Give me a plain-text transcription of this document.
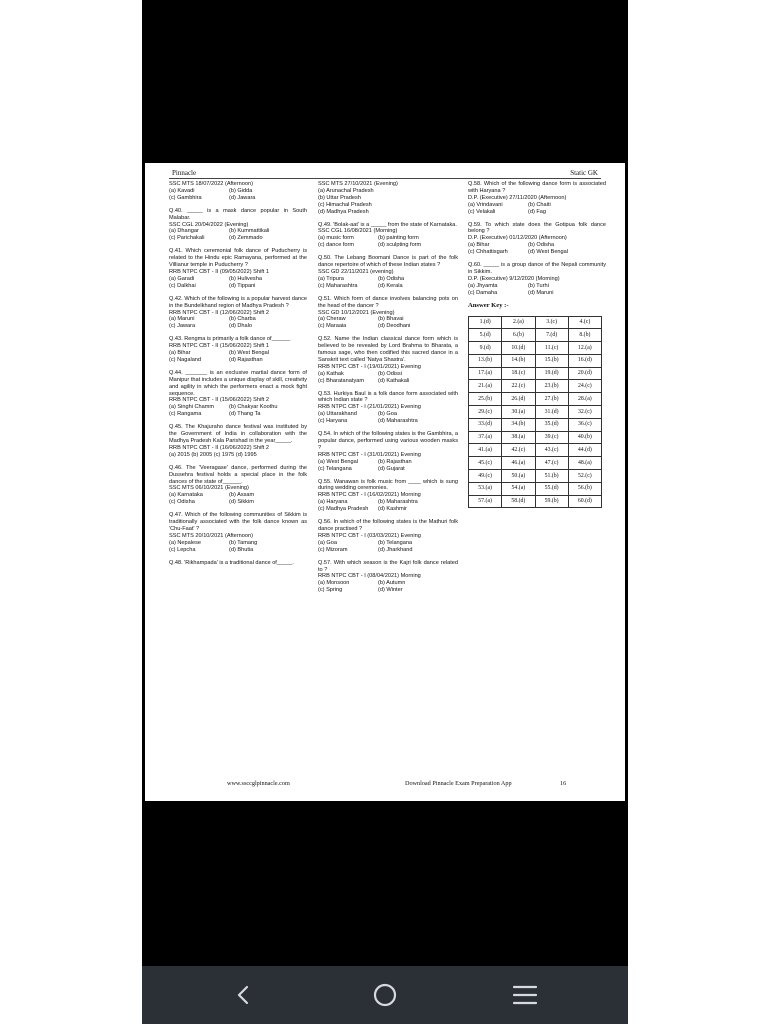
Pinnacle	Static GK
SSC MTS 18/07/2022 (Afternoon)
(a) Kavadi	(b) Gidda
(c) Gambhira	(d) Jawara
Q.40. _____ is a mask dance popular in South Malabar.
SSC CGL 20/04/2022 (Evening)
(a) Dhangar	(b) Kummattikali
(c) Parichakali	(d) Zemmado
Q.41. Which ceremonial folk dance of Puducherry is related to the Hindu epic Ramayana, performed at the Villianur temple in Puducherry ?
RRB NTPC CBT - II (09/05/2022) Shift 1
(a) Garadi	(b) Hulivesha
(c) Dalkhai	(d) Tippani
Q.42. Which of the following is a popular harvest dance in the Bundelkhand region of Madhya Pradesh ?
RRB NTPC CBT - II (12/06/2022) Shift 2
(a) Maruni	(b) Charba
(c) Jawara	(d) Dhalo
Q.43. Rengma is primarily a folk dance of______
RRB NTPC CBT - II (15/06/2022) Shift 1
(a) Bihar	(b) West Bengal
(c) Nagaland	(d) Rajasthan
Q.44. _______ is an exclusive martial dance form of Manipur that includes a unique display of skill, creativity and agility in which the performers enact a mock fight sequence.
RRB NTPC CBT - II (15/06/2022) Shift 2
(a) Singhi Chamm	(b) Chakyar Koothu
(c) Rangama	(d) Thang Ta
Q.45. The Khajuraho dance festival was instituted by the Government of India in collaboration with the Madhya Pradesh Kala Parishad in the year_____.
RRB NTPC CBT - II (16/06/2022) Shift 2
(a) 2015 (b) 2005 (c) 1975 (d) 1995
Q.46. The 'Veeragase' dance, performed during the Dussehra festival holds a special place in the folk dances of the state of______.
SSC MTS 06/10/2021 (Evening)
(a) Karnataka	(b) Assam
(c) Odisha	(d) Sikkim
Q.47. Which of the following communities of Sikkim is traditionally associated with the folk dance known as 'Chu-Faat' ?
SSC MTS 20/10/2021 (Afternoon)
(a) Nepalese	(b) Tamang
(c) Lepcha	(d) Bhutia
Q.48. 'Rikhampada' is a traditional dance of_____.
SSC MTS 27/10/2021 (Evening)
(a) Arunachal Pradesh
(b) Uttar Pradesh
(c) Himachal Pradesh
(d) Madhya Pradesh
Q.49. 'Bolak-aat' is a _____ from the state of Karnataka.
SSC CGL 16/08/2021 (Morning)
(a) music form	(b) painting form
(c) dance form	(d) sculpting form
Q.50. The Lebang Boomani Dance is part of the folk dance repertoire of which of these Indian states ?
SSC GD 22/11/2021 (evening)
(a) Tripura	(b) Odisha
(c) Maharashtra	(d) Kerala
Q.51. Which form of dance involves balancing pots on the head of the dancer ?
SSC GD 10/12/2021 (Evening)
(a) Cheraw	(b) Bhavai
(c) Maraaia	(d) Deodhani
Q.52. Name the Indian classical dance form which is believed to be revealed by Lord Brahma to Bharata, a famous sage, who then codified this sacred dance in a Sanskrit text called 'Natya Shastra'.
RRB NTPC CBT - I (19/01/2021) Evening
(a) Kathak	(b) Odissi
(c) Bharatanatyam	(d) Kathakali
Q.53. Hurkiya Baul is a folk dance form associated with which Indian state ?
RRB NTPC CBT - I (21/01/2021) Evening
(a) Uttarakhand	(b) Goa
(c) Haryana	(d) Maharashtra
Q.54. In which of the following states is the Gambhira, a popular dance, performed using various wooden masks ?
RRB NTPC CBT - I (31/01/2021) Evening
(a) West Bengal	(b) Rajasthan
(c) Telangana	(d) Gujarat
Q.55. Wanawan is folk music from ____ which is sung during wedding ceremonies.
RRB NTPC CBT - I (16/02/2021) Morning
(a) Haryana	(b) Maharashtra
(c) Madhya Pradesh	(d) Kashmir
Q.56. In which of the following states is the Mathuri folk dance practised ?
RRB NTPC CBT - I (03/03/2021) Evening
(a) Goa	(b) Telangana
(c) Mizoram	(d) Jharkhand
Q.57. With which season is the Kajri folk dance related to ?
RRB NTPC CBT - I (08/04/2021) Morning
(a) Monsoon	(b) Autumn
(c) Spring	(d) Winter
Q.58. Which of the following dance form is associated with Haryana ?
D.P. (Executive) 27/11/2020 (Afternoon)
(a) Vrindavani	(b) Chaiti
(c) Velakali	(d) Fag
Q.59. To which state does the Gotipua folk dance belong ?
D.P. (Executive) 01/12/2020 (Afternoon)
(a) Bihar	(b) Odisha
(c) Chhattisgarh	(d) West Bengal
Q.60. _____ is a group dance of the Nepali community in Sikkim.
D.P. (Executive) 9/12/2020 (Morning)
(a) Jhyamta	(b) Turhi
(c) Damaha	(d) Maruni
Answer Key :-
1.(d)	2.(a)	3.(c)	4.(c)
5.(d)	6.(b)	7.(d)	8.(b)
9.(d)	10.(d)	11.(c)	12.(a)
13.(b)	14.(b)	15.(b)	16.(d)
17.(a)	18.(c)	19.(d)	20.(d)
21.(a)	22.(c)	23.(b)	24.(c)
25.(b)	26.(d)	27.(b)	28.(a)
29.(c)	30.(a)	31.(d)	32.(c)
33.(d)	34.(b)	35.(d)	36.(c)
37.(a)	38.(a)	39.(c)	40.(b)
41.(a)	42.(c)	43.(c)	44.(d)
45.(c)	46.(a)	47.(c)	48.(a)
49.(c)	50.(a)	51.(b)	52.(c)
53.(a)	54.(a)	55.(d)	56.(b)
57.(a)	58.(d)	59.(b)	60.(d)
www.ssccglpinnacle.com	Download Pinnacle Exam Preparation App	16
